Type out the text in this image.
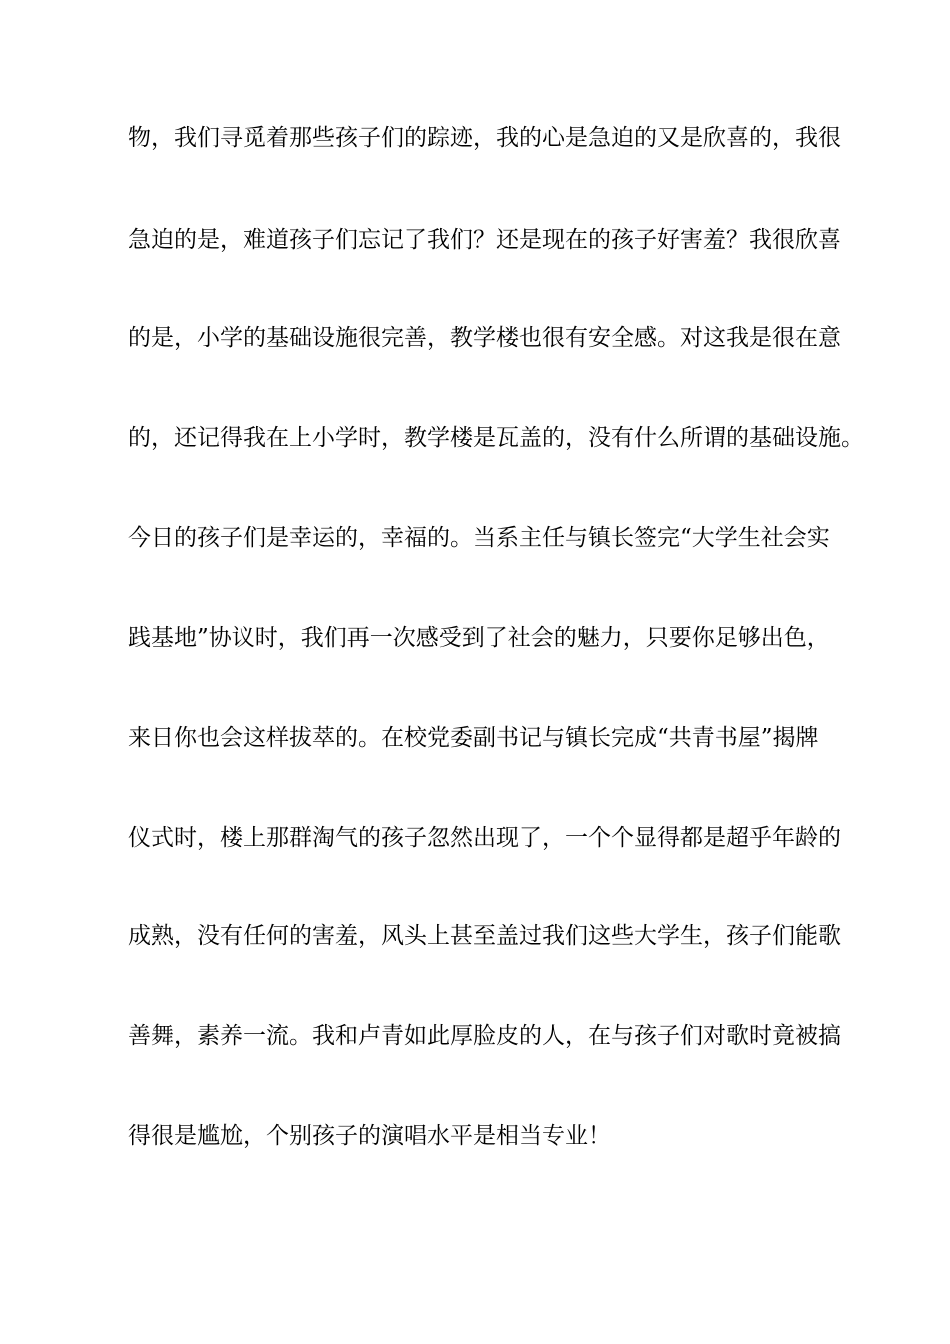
物，我们寻觅着那些孩子们的踪迹，我的心是急迫的又是欣喜的，我很
急迫的是，难道孩子们忘记了我们？还是现在的孩子好害羞？我很欣喜
的是，小学的基础设施很完善，教学楼也很有安全感。对这我是很在意
的，还记得我在上小学时，教学楼是瓦盖的，没有什么所谓的基础设施。
今日的孩子们是幸运的，幸福的。当系主任与镇长签完“大学生社会实
践基地”协议时，我们再一次感受到了社会的魅力，只要你足够出色，
来日你也会这样拔萃的。在校党委副书记与镇长完成“共青书屋”揭牌
仪式时，楼上那群淘气的孩子忽然出现了，一个个显得都是超乎年龄的
成熟，没有任何的害羞，风头上甚至盖过我们这些大学生，孩子们能歌
善舞，素养一流。我和卢青如此厚脸皮的人，在与孩子们对歌时竟被搞
得很是尴尬，个别孩子的演唱水平是相当专业！
